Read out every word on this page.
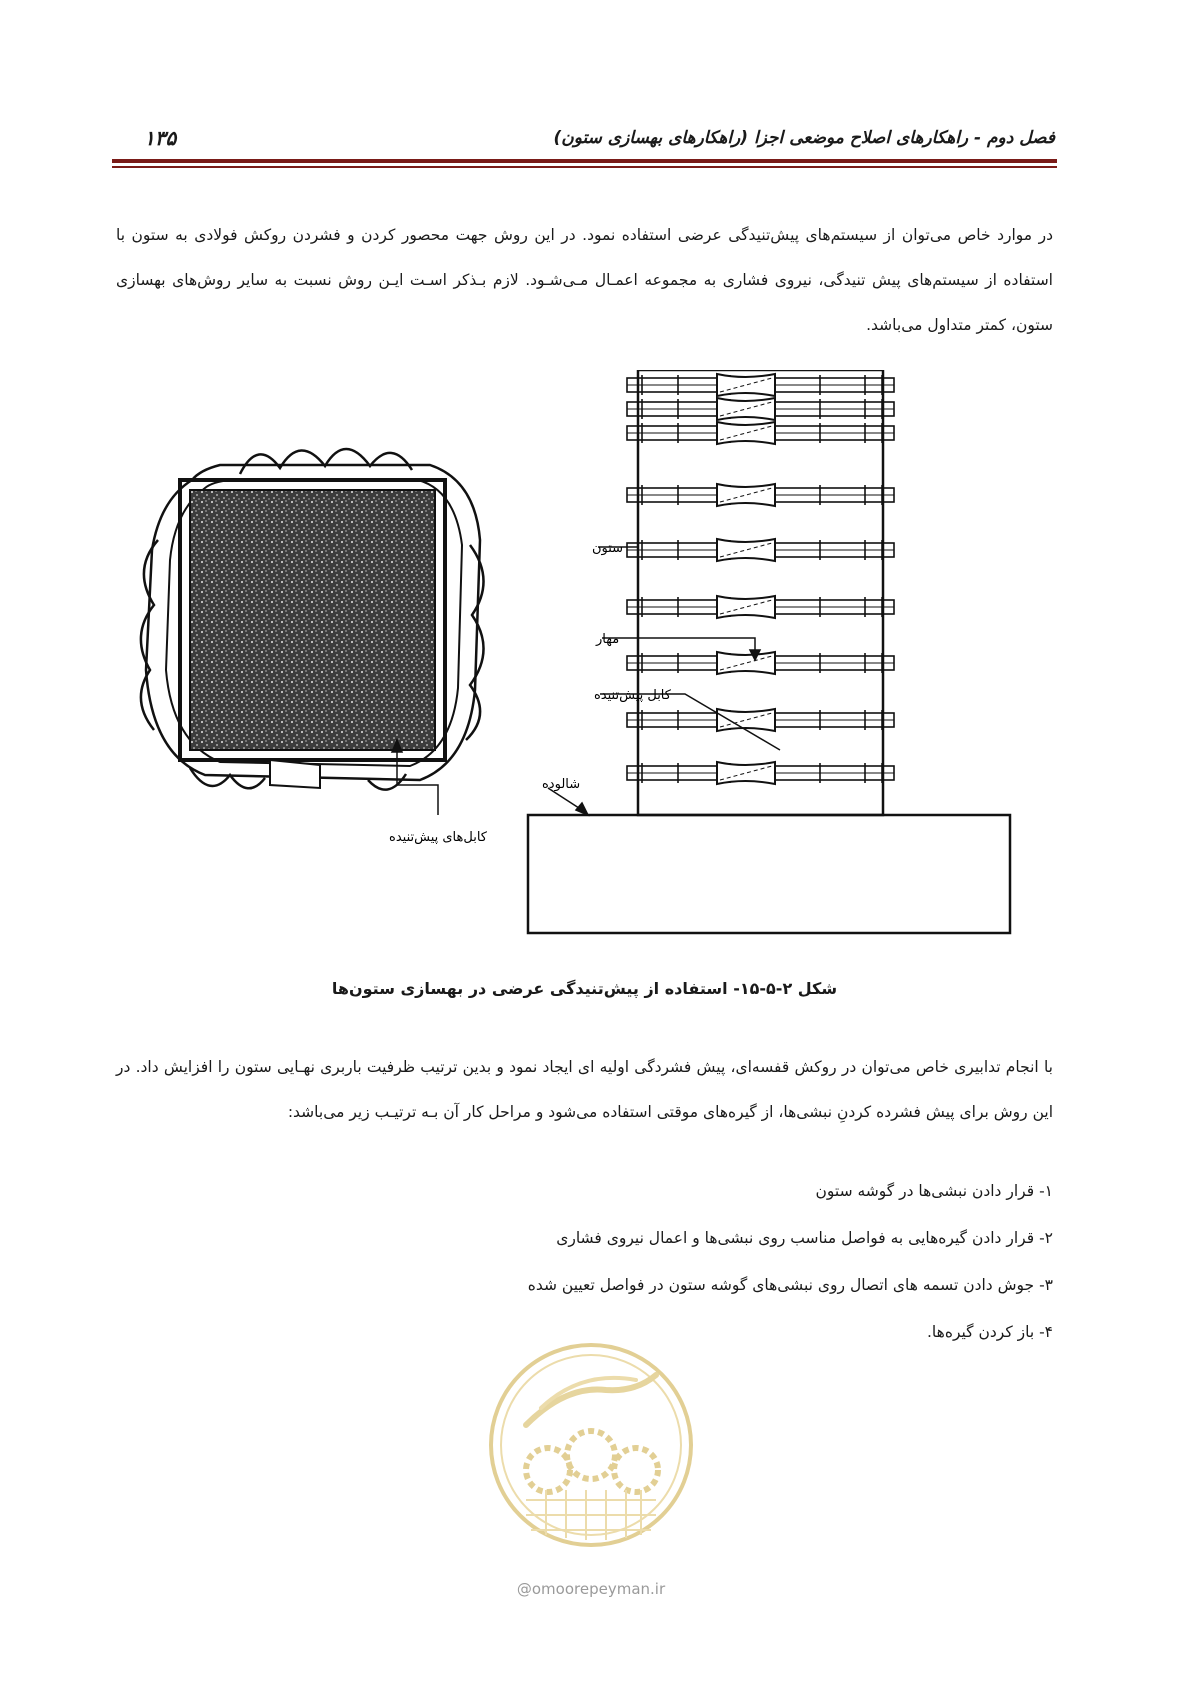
فصل دوم - راهکارهای اصلاح موضعی اجزا (راهکارهای بهسازی ستون)
۱۳۵

در موارد خاص می‌توان از سیستم‌های پیش‌تنیدگی عرضی استفاده نمود. در این روش جهت محصور کردن و فشردن روکش فولادی به ستون با استفاده از سیستم‌های پیش تنیدگی، نیروی فشاری به مجموعه اعمـال مـی‌شـود. لازم بـذکر اسـت ایـن روش نسبت به سایر روش‌های بهسازی ستون، کمتر متداول می‌باشد.

کابل‌های پیش‌تنیده
ستون
مهار
کابل پیش‌تنیده
شالوده
شکل ۲-۵-۱۵- استفاده از پیش‌تنیدگی عرضی در بهسازی ستون‌ها

با انجام تدابیری خاص می‌توان در روکش قفسه‌ای، پیش فشردگی اولیه ای ایجاد نمود و بدین ترتیب ظرفیت باربری نهـایی ستون را افزایش داد. در این روش برای پیش فشرده کردنِ نبشی‌ها، از گیره‌های موقتی استفاده می‌شود و مراحل کار آن بـه ترتیـب زیر می‌باشد:

۱- قرار دادن نبشی‌ها در گوشه ستون
۲- قرار دادن گیره‌هایی به فواصل مناسب روی نبشی‌ها و اعمال نیروی فشاری
۳- جوش دادن تسمه های اتصال روی نبشی‌های گوشه ستون در فواصل تعیین شده
۴- باز کردن گیره‌ها.
@omoorepeyman.ir
